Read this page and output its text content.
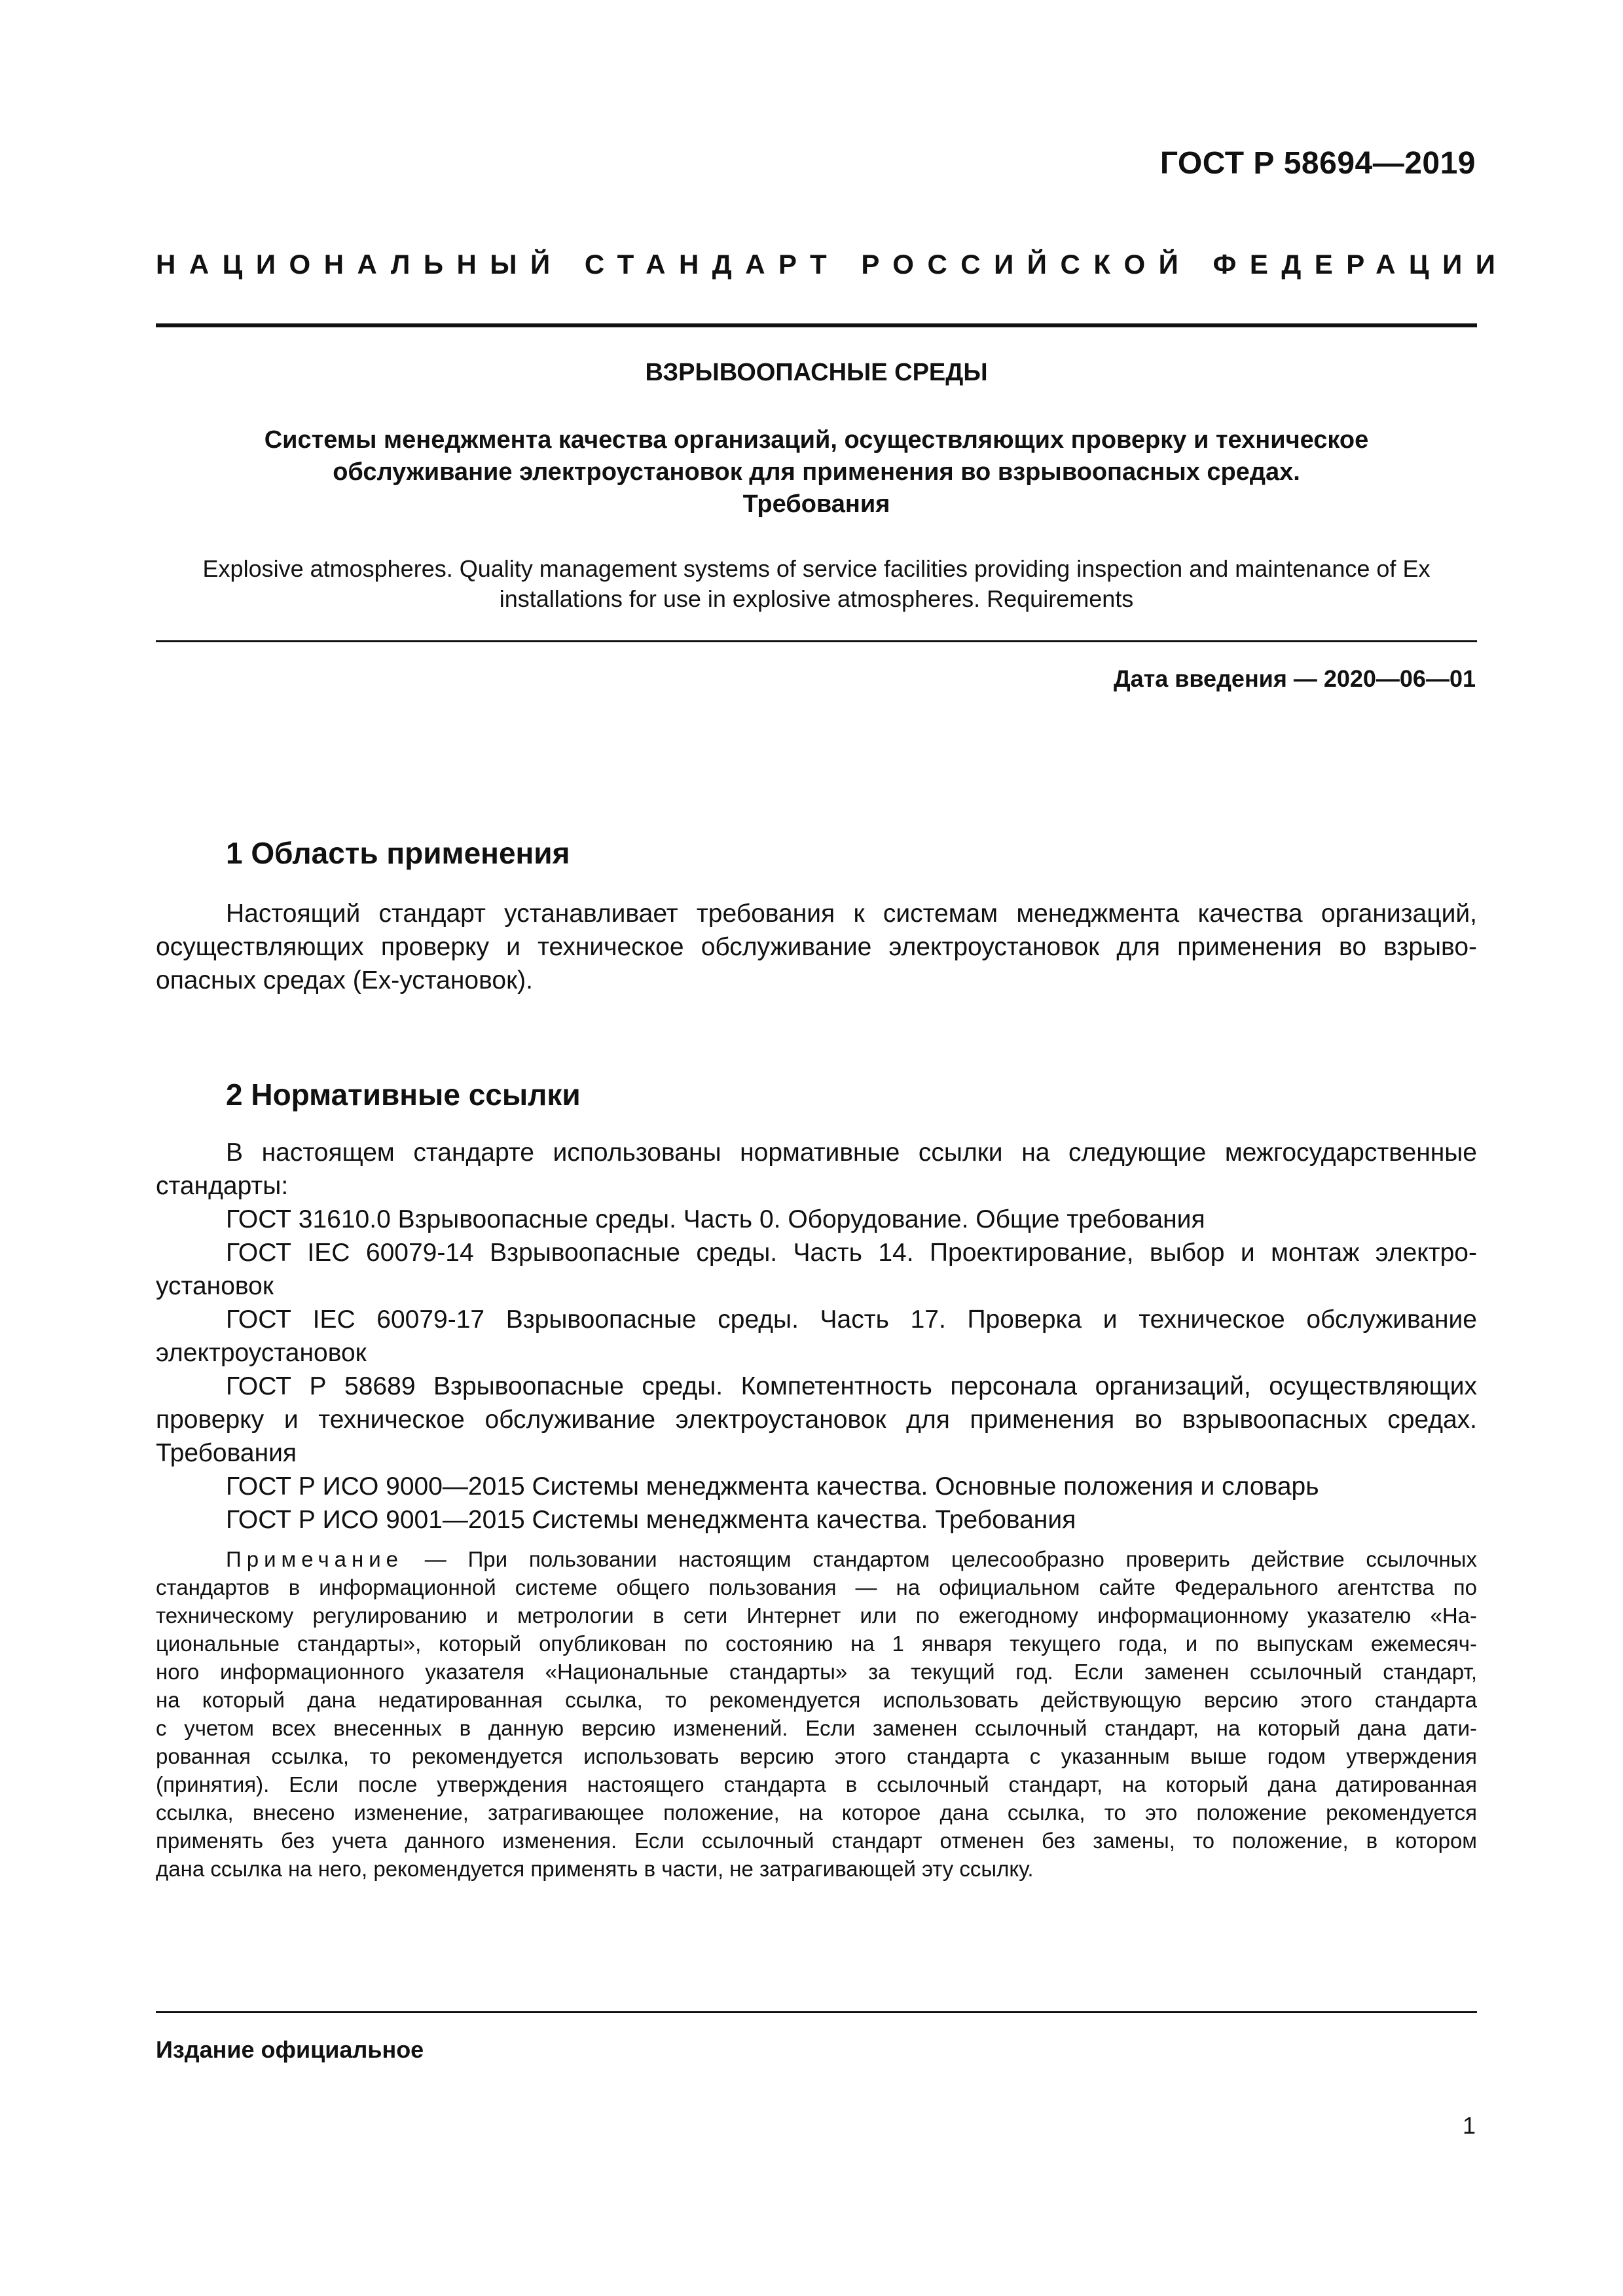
ГОСТ Р 58694—2019
НАЦИОНАЛЬНЫЙ СТАНДАРТ РОССИЙСКОЙ ФЕДЕРАЦИИ
ВЗРЫВООПАСНЫЕ СРЕДЫ
Системы менеджмента качества организаций, осуществляющих проверку и техническое
обслуживание электроустановок для применения во взрывоопасных средах.
Требования
Explosive atmospheres. Quality management systems of service facilities providing inspection and maintenance of Ex
installations for use in explosive atmospheres. Requirements
Дата введения — 2020—06—01
1 Область применения
Настоящий стандарт устанавливает требования к системам менеджмента качества организаций,
осуществляющих проверку и техническое обслуживание электроустановок для применения во взрыво-
опасных средах (Ex-установок).
2 Нормативные ссылки
В настоящем стандарте использованы нормативные ссылки на следующие межгосударственные
стандарты:
ГОСТ 31610.0 Взрывоопасные среды. Часть 0. Оборудование. Общие требования
ГОСТ IEC 60079-14 Взрывоопасные среды. Часть 14. Проектирование, выбор и монтаж электро-
установок
ГОСТ IEC 60079-17 Взрывоопасные среды. Часть 17. Проверка и техническое обслуживание
электроустановок
ГОСТ Р 58689 Взрывоопасные среды. Компетентность персонала организаций, осуществляющих
проверку и техническое обслуживание электроустановок для применения во взрывоопасных средах.
Требования
ГОСТ Р ИСО 9000—2015 Системы менеджмента качества. Основные положения и словарь
ГОСТ Р ИСО 9001—2015 Системы менеджмента качества. Требования
Примечание — При пользовании настоящим стандартом целесообразно проверить действие ссылочных
стандартов в информационной системе общего пользования — на официальном сайте Федерального агентства по
техническому регулированию и метрологии в сети Интернет или по ежегодному информационному указателю «На-
циональные стандарты», который опубликован по состоянию на 1 января текущего года, и по выпускам ежемесяч-
ного информационного указателя «Национальные стандарты» за текущий год. Если заменен ссылочный стандарт,
на который дана недатированная ссылка, то рекомендуется использовать действующую версию этого стандарта
с учетом всех внесенных в данную версию изменений. Если заменен ссылочный стандарт, на который дана дати-
рованная ссылка, то рекомендуется использовать версию этого стандарта с указанным выше годом утверждения
(принятия). Если после утверждения настоящего стандарта в ссылочный стандарт, на который дана датированная
ссылка, внесено изменение, затрагивающее положение, на которое дана ссылка, то это положение рекомендуется
применять без учета данного изменения. Если ссылочный стандарт отменен без замены, то положение, в котором
дана ссылка на него, рекомендуется применять в части, не затрагивающей эту ссылку.
Издание официальное
1
